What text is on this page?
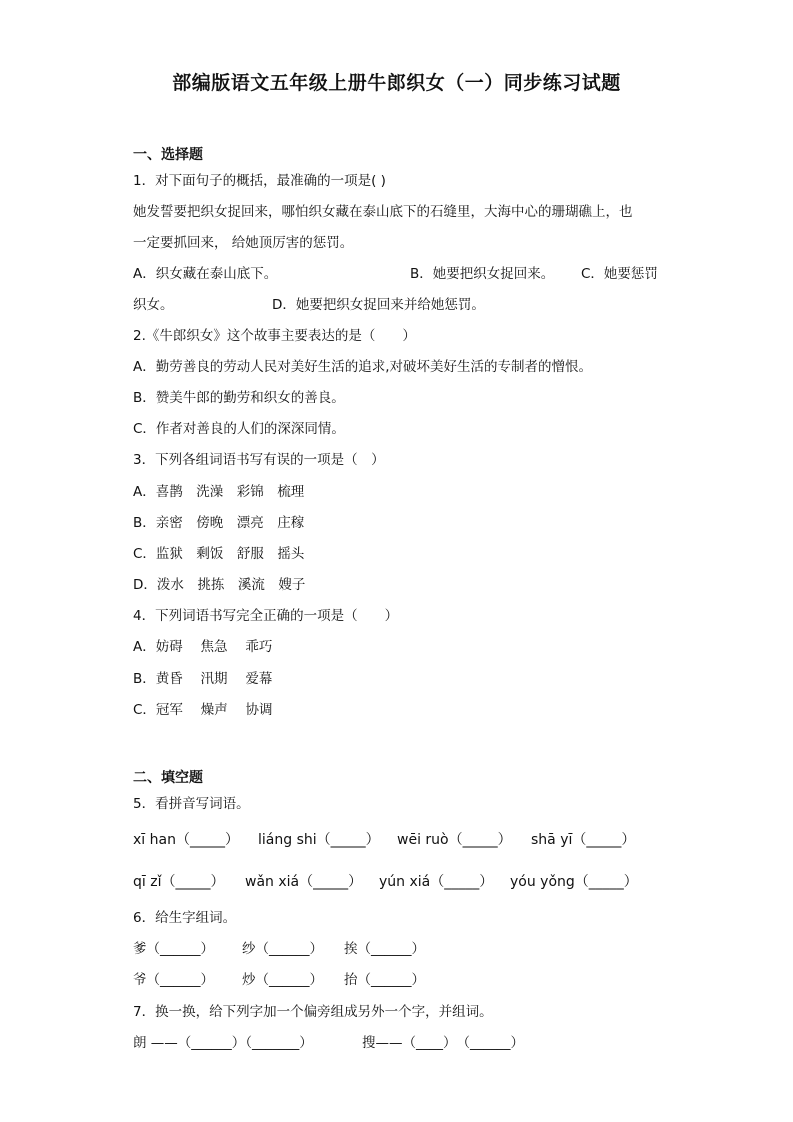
部编版语文五年级上册牛郎织女（一）同步练习试题
一、选择题
1．对下面句子的概括，最准确的一项是( )
她发誓要把织女捉回来，哪怕织女藏在泰山底下的石缝里，大海中心的珊瑚礁上，也
一定要抓回来， 给她顶厉害的惩罚。
A．织女藏在泰山底下。	B．她要把织女捉回来。 C．她要惩罚
织女。	D．她要把织女捉回来并给她惩罚。
2.《牛郎织女》这个故事主要表达的是（　　）
A．勤劳善良的劳动人民对美好生活的追求,对破坏美好生活的专制者的憎恨。
B．赞美牛郎的勤劳和织女的善良。
C．作者对善良的人们的深深同情。
3．下列各组词语书写有误的一项是（　）
A．喜鹊　洗澡　彩锦　梳理
B．亲密　傍晚　漂亮　庄稼
C．监狱　剩饭　舒服　摇头
D．泼水　挑拣　溪流　嫂子
4．下列词语书写完全正确的一项是（　　）
A．妨碍　 焦急　 乖巧
B．黄昏　 汛期　 爱幕
C．冠军　 燥声　 协调
二、填空题
5．看拼音写词语。
xī han（_____） liáng shi（_____） wēi ruò（_____） shā yī（_____）
qī zǐ（_____） wǎn xiá（_____） yún xiá（_____） yóu yǒng（_____）
6．给生字组词。
爹（______） 纱（______） 挨（______）
爷（______） 炒（______） 抬（______）
7．换一换，给下列字加一个偏旁组成另外一个字，并组词。
朗 ——（______）（_______）	搜——（____）　（______）
